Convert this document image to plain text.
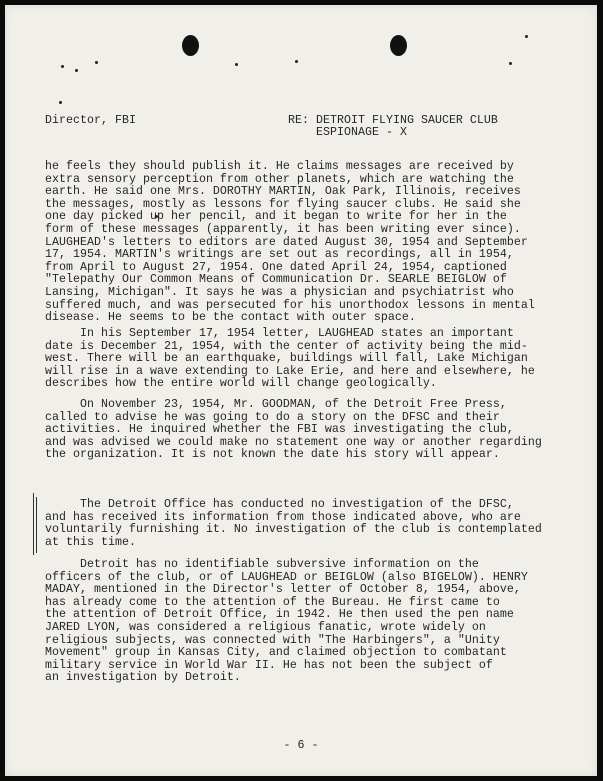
Director, FBI	RE: DETROIT FLYING SAUCER CLUB
ESPIONAGE - X
he feels they should publish it. He claims messages are received by
extra sensory perception from other planets, which are watching the
earth. He said one Mrs. DOROTHY MARTIN, Oak Park, Illinois, receives
the messages, mostly as lessons for flying saucer clubs. He said she
one day picked up her pencil, and it began to write for her in the
form of these messages (apparently, it has been writing ever since).
LAUGHEAD's letters to editors are dated August 30, 1954 and September
17, 1954. MARTIN's writings are set out as recordings, all in 1954,
from April to August 27, 1954. One dated April 24, 1954, captioned
"Telepathy Our Common Means of Communication Dr. SEARLE BEIGLOW of
Lansing, Michigan". It says he was a physician and psychiatrist who
suffered much, and was persecuted for his unorthodox lessons in mental
disease. He seems to be the contact with outer space.
In his September 17, 1954 letter, LAUGHEAD states an important
date is December 21, 1954, with the center of activity being the mid-
west. There will be an earthquake, buildings will fall, Lake Michigan
will rise in a wave extending to Lake Erie, and here and elsewhere, he
describes how the entire world will change geologically.
On November 23, 1954, Mr. GOODMAN, of the Detroit Free Press,
called to advise he was going to do a story on the DFSC and their
activities. He inquired whether the FBI was investigating the club,
and was advised we could make no statement one way or another regarding
the organization. It is not known the date his story will appear.
The Detroit Office has conducted no investigation of the DFSC,
and has received its information from those indicated above, who are
voluntarily furnishing it. No investigation of the club is contemplated
at this time.
Detroit has no identifiable subversive information on the
officers of the club, or of LAUGHEAD or BEIGLOW (also BIGELOW). HENRY
MADAY, mentioned in the Director's letter of October 8, 1954, above,
has already come to the attention of the Bureau. He first came to
the attention of Detroit Office, in 1942. He then used the pen name
JARED LYON, was considered a religious fanatic, wrote widely on
religious subjects, was connected with "The Harbingers", a "Unity
Movement" group in Kansas City, and claimed objection to combatant
military service in World War II. He has not been the subject of
an investigation by Detroit.
- 6 -
